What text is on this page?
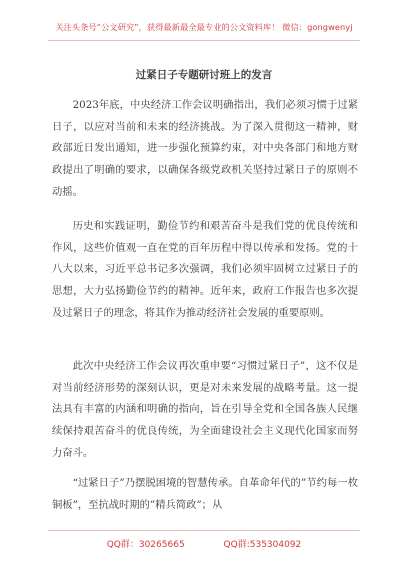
关注头条号“公文研究”，获得最新最全最专业的公文资料库！ 微信：gongwenyj
过紧日子专题研讨班上的发言

2023年底，中央经济工作会议明确指出，我们必须习惯于过紧日子，以应对当前和未来的经济挑战。为了深入贯彻这一精神，财政部近日发出通知，进一步强化预算约束，对中央各部门和地方财政提出了明确的要求，以确保各级党政机关坚持过紧日子的原则不动摇。

历史和实践证明，勤俭节约和艰苦奋斗是我们党的优良传统和作风，这些价值观一直在党的百年历程中得以传承和发扬。党的十八大以来，习近平总书记多次强调，我们必须牢固树立过紧日子的思想，大力弘扬勤俭节约的精神。近年来，政府工作报告也多次提及过紧日子的理念，将其作为推动经济社会发展的重要原则。

此次中央经济工作会议再次重申要“习惯过紧日子”，这不仅是对当前经济形势的深刻认识，更是对未来发展的战略考量。这一提法具有丰富的内涵和明确的指向，旨在引导全党和全国各族人民继续保持艰苦奋斗的优良传统，为全面建设社会主义现代化国家而努力奋斗。

“过紧日子”乃摆脱困境的智慧传承。自革命年代的”节约每一枚铜板”，至抗战时期的”精兵简政”；从

QQ群：30265665	QQ群:535304092
